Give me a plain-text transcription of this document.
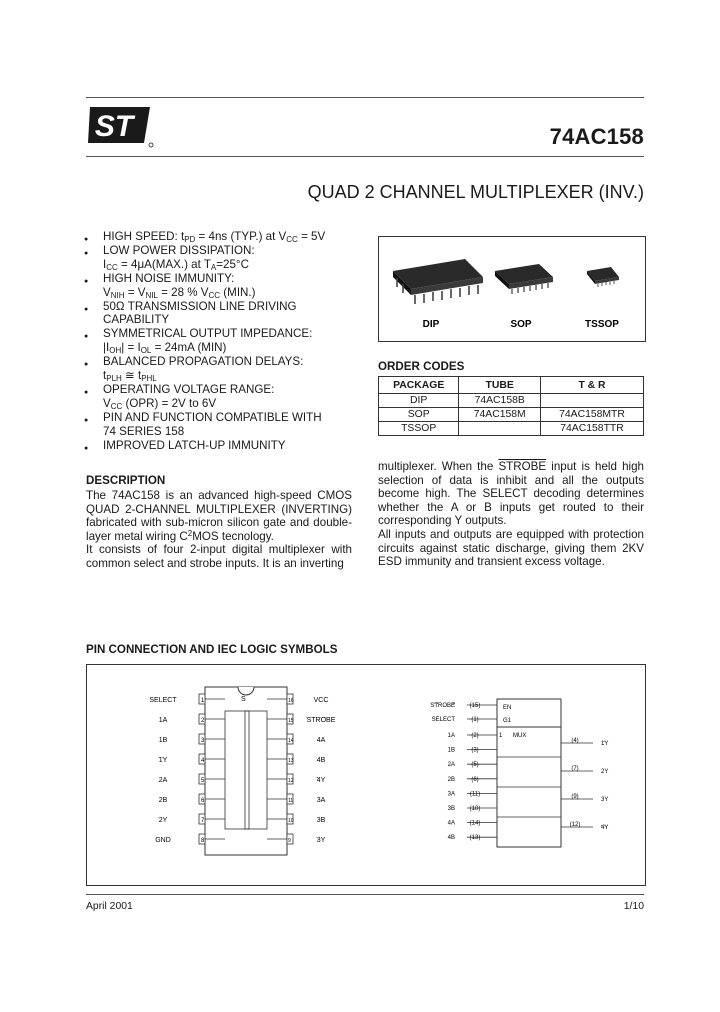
ST	74AC158
QUAD 2 CHANNEL MULTIPLEXER (INV.)
● HIGH SPEED: $t_{PD} = 4ns$ (TYP.) at $V_{CC} = 5V$
● LOW POWER DISSIPATION:
$I_{CC} = 4\mu A(MAX.)$ at $T_A=25^\circ C$
● HIGH NOISE IMMUNITY:
$V_{NIH} = V_{NIL} = 28$ % $V_{CC}$ (MIN.)
● 50Ω TRANSMISSION LINE DRIVING
CAPABILITY
● SYMMETRICAL OUTPUT IMPEDANCE:
$|I_{OH}| = I_{OL} = 24mA$ (MIN)
● BALANCED PROPAGATION DELAYS:
$t_{PLH}$ ≅ $t_{PHL}$
● OPERATING VOLTAGE RANGE:
$V_{CC}$ (OPR) = 2V to 6V
● PIN AND FUNCTION COMPATIBLE WITH
74 SERIES 158
● IMPROVED LATCH-UP IMMUNITY
DESCRIPTION
The 74AC158 is an advanced high-speed CMOS QUAD 2-CHANNEL MULTIPLEXER (INVERTING) fabricated with sub-micron silicon gate and double-layer metal wiring $C^2MOS$ tecnology.
It consists of four 2-input digital multiplexer with common select and strobe inputs. It is an inverting
DIP	SOP	TSSOP
ORDER CODES
PACKAGE	TUBE	T & R
DIP	74AC158B	
SOP	74AC158M	74AC158MTR
TSSOP		74AC158TTR
multiplexer. When the STROBE input is held high selection of data is inhibit and all the outputs become high. The SELECT decoding determines whether the A or B inputs get routed to their corresponding Y outputs.
All inputs and outputs are equipped with protection circuits against static discharge, giving them 2KV ESD immunity and transient excess voltage.
PIN CONNECTION AND IEC LOGIC SYMBOLS
S
1
SELECT
2
1A
3
1B
4
1Y
5
2A
6
2B
7
2Y
8
GND
16	VCC
15 STROBE
14	4A
13	4B
12	4Y
11	3A
10	3B
9	3Y
EN
G1
MUX
1
(15)
STROBE
(1)
SELECT
(2)
1A
(3)
1B
(5)
2A
(6)
2B
(11)
3A
(10)
3B
(14)
4A
(13)
4B
(4)	1Y
(7)	2Y
(9)	3Y
(12)	4Y
April 2001	1/10
